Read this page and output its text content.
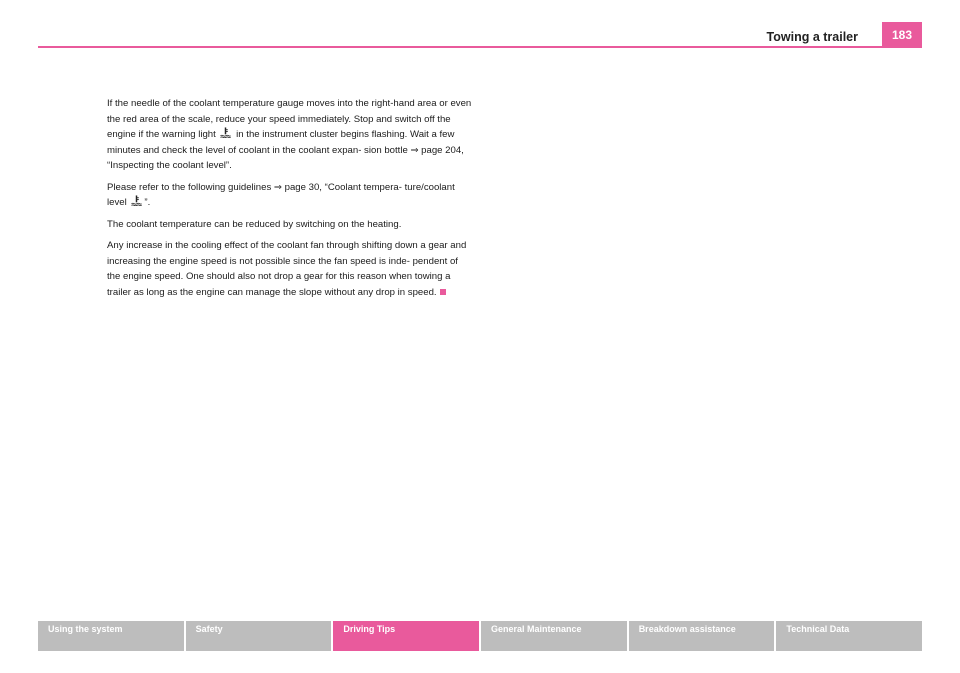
Towing a trailer	183

If the needle of the coolant temperature gauge moves into the right-hand area or even the red area of the scale, reduce your speed immediately. Stop and switch off the engine if the warning light in the instrument cluster begins flashing. Wait a few minutes and check the level of coolant in the coolant expan- sion bottle ⇒ page 204, “Inspecting the coolant level”.

Please refer to the following guidelines ⇒ page 30, “Coolant tempera- ture/coolant level ”.

The coolant temperature can be reduced by switching on the heating.

Any increase in the cooling effect of the coolant fan through shifting down a gear and increasing the engine speed is not possible since the fan speed is inde- pendent of the engine speed. One should also not drop a gear for this reason when towing a trailer as long as the engine can manage the slope without any drop in speed.

Using the system	Safety	Driving Tips	General Maintenance	Breakdown assistance	Technical Data
